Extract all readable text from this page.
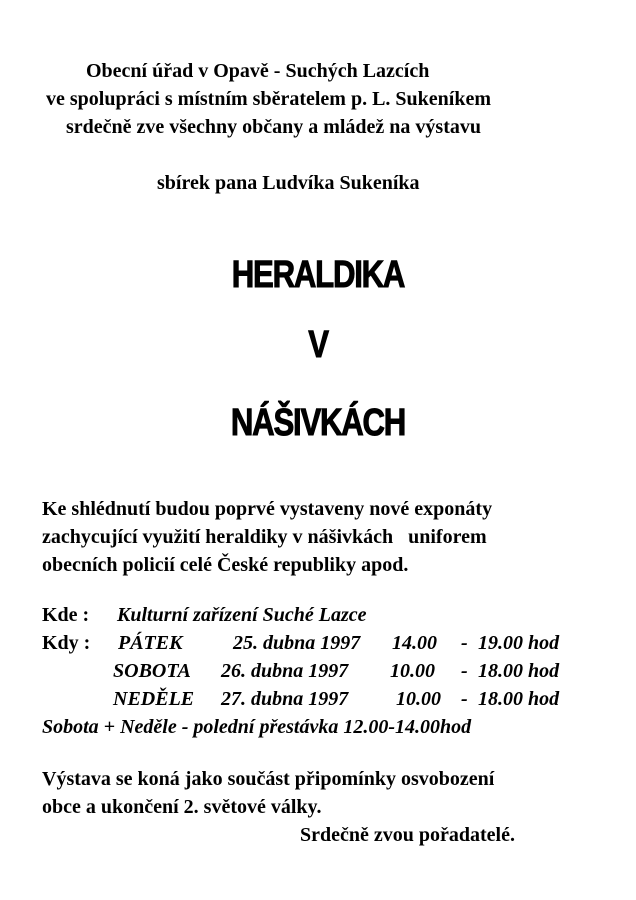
Obecní úřad v Opavě - Suchých Lazcích
ve spolupráci s místním sběratelem p. L. Sukeníkem
srdečně zve všechny občany a mládež na výstavu
sbírek pana Ludvíka Sukeníka
HERALDIKA
V
NÁŠIVKÁCH
Ke shlédnutí budou poprvé vystaveny nové exponáty
zachycující využití heraldiky v nášivkách   uniforem
obecních policií celé České republiky apod.
Kde : Kulturní zařízení Suché Lazce
Kdy : PÁTEK	25. dubna 1997 14.00 - 19.00 hod
SOBOTA 26. dubna 1997 10.00 - 18.00 hod
NEDĚLE 27. dubna 1997 10.00 - 18.00 hod
Sobota + Neděle - polední přestávka 12.00-14.00hod
Výstava se koná jako součást připomínky osvobození
obce a ukončení 2. světové války.
Srdečně zvou pořadatelé.
